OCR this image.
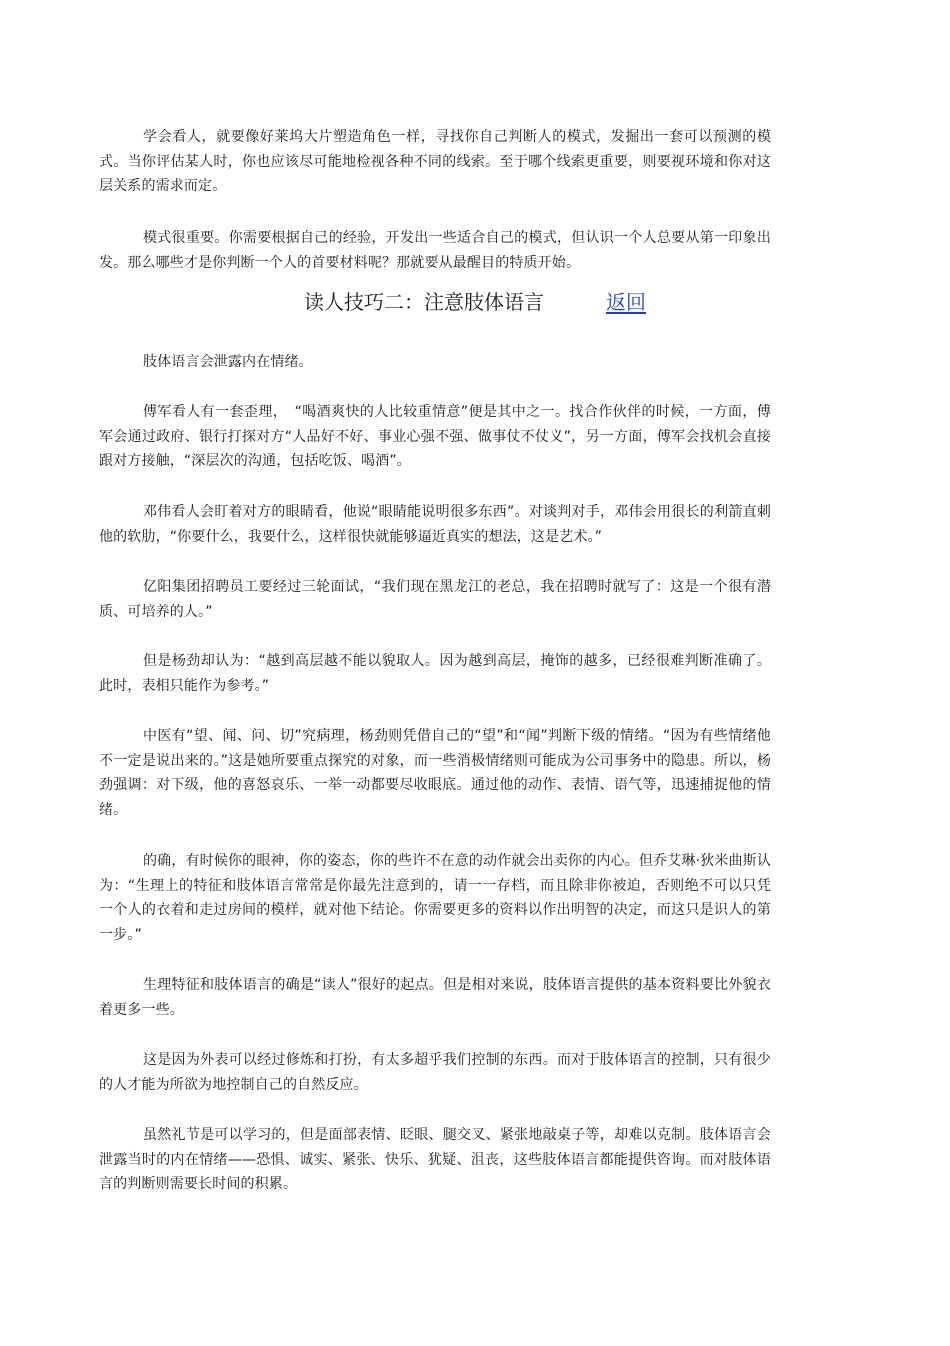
学会看人，就要像好莱坞大片塑造角色一样，寻找你自己判断人的模式，发掘出一套可以预测的模式。当你评估某人时，你也应该尽可能地检视各种不同的线索。至于哪个线索更重要，则要视环境和你对这层关系的需求而定。

模式很重要。你需要根据自己的经验，开发出一些适合自己的模式，但认识一个人总要从第一印象出发。那么哪些才是你判断一个人的首要材料呢？那就要从最醒目的特质开始。

读人技巧二：注意肢体语言	返回

肢体语言会泄露内在情绪。

傅军看人有一套歪理，　“喝酒爽快的人比较重情意”便是其中之一。找合作伙伴的时候，一方面，傅军会通过政府、银行打探对方“人品好不好、事业心强不强、做事仗不仗义”，另一方面，傅军会找机会直接跟对方接触，“深层次的沟通，包括吃饭、喝酒”。

邓伟看人会盯着对方的眼睛看，他说“眼睛能说明很多东西”。对谈判对手，邓伟会用很长的利箭直刺他的软肋，“你要什么，我要什么，这样很快就能够逼近真实的想法，这是艺术。”

亿阳集团招聘员工要经过三轮面试，“我们现在黑龙江的老总，我在招聘时就写了：这是一个很有潜质、可培养的人。”

但是杨劲却认为：“越到高层越不能以貌取人。因为越到高层，掩饰的越多，已经很难判断准确了。此时，表相只能作为参考。”

中医有“望、闻、问、切”究病理，杨劲则凭借自己的“望”和“闻”判断下级的情绪。“因为有些情绪他不一定是说出来的。”这是她所要重点探究的对象，而一些消极情绪则可能成为公司事务中的隐患。所以，杨劲强调：对下级，他的喜怒哀乐、一举一动都要尽收眼底。通过他的动作、表情、语气等，迅速捕捉他的情绪。

的确，有时候你的眼神，你的姿态，你的些许不在意的动作就会出卖你的内心。但乔艾琳·狄米曲斯认为：“生理上的特征和肢体语言常常是你最先注意到的，请一一存档，而且除非你被迫，否则绝不可以只凭一个人的衣着和走过房间的模样，就对他下结论。你需要更多的资料以作出明智的决定，而这只是识人的第一步。”

生理特征和肢体语言的确是“读人”很好的起点。但是相对来说，肢体语言提供的基本资料要比外貌衣着更多一些。

这是因为外表可以经过修炼和打扮，有太多超乎我们控制的东西。而对于肢体语言的控制，只有很少的人才能为所欲为地控制自己的自然反应。

虽然礼节是可以学习的，但是面部表情、眨眼、腿交叉、紧张地敲桌子等，却难以克制。肢体语言会泄露当时的内在情绪——恐惧、诚实、紧张、快乐、犹疑、沮丧，这些肢体语言都能提供咨询。而对肢体语言的判断则需要长时间的积累。
